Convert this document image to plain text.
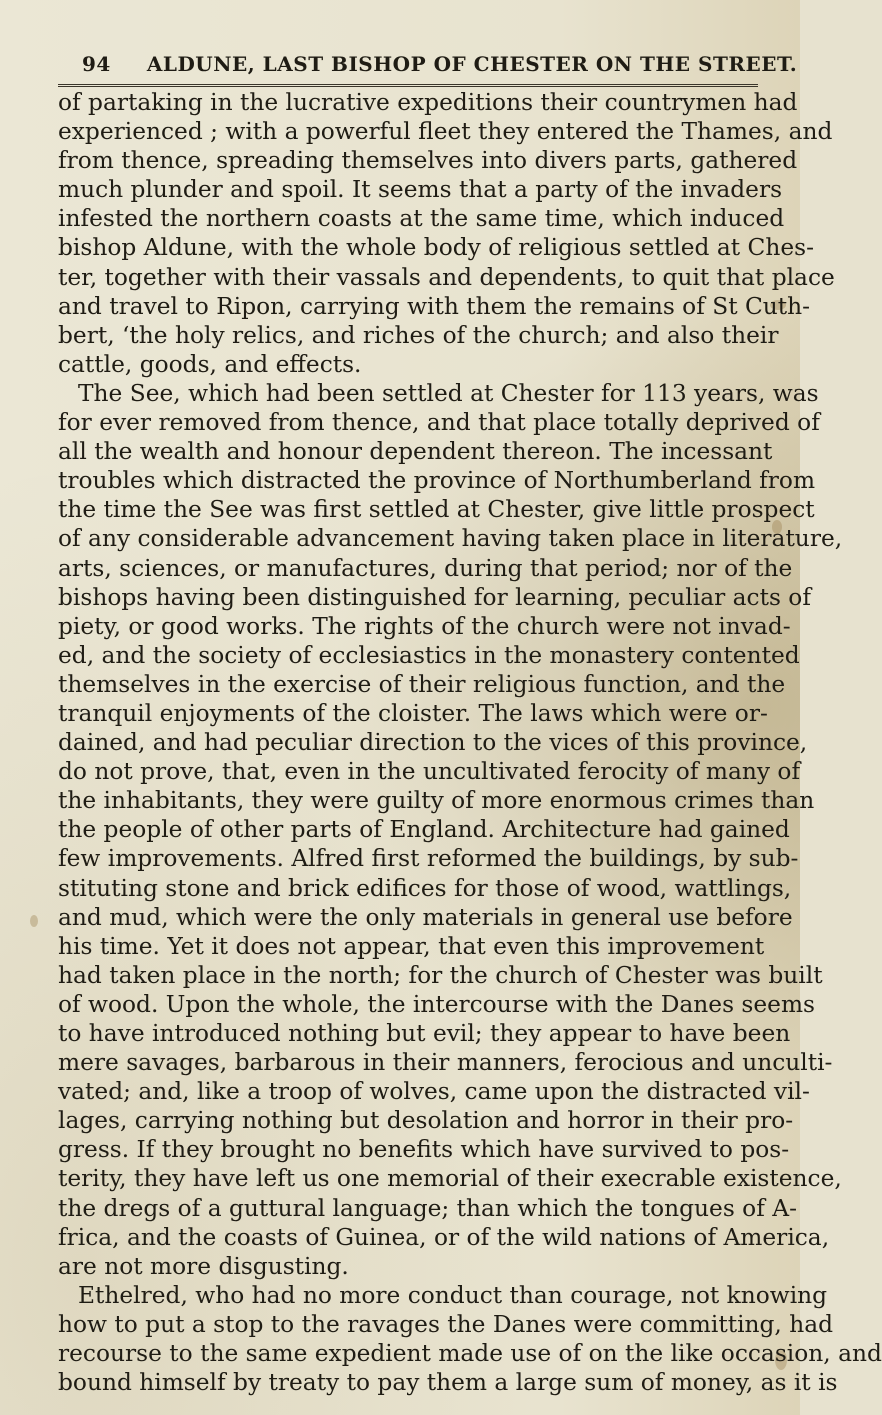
94 ALDUNE, LAST BISHOP OF CHESTER ON THE STREET.
of partaking in the lucrative expeditions their countrymen had
experienced ; with a powerful fleet they entered the Thames, and
from thence, spreading themselves into divers parts, gathered
much plunder and spoil. It seems that a party of the invaders
infested the northern coasts at the same time, which induced
bishop Aldune, with the whole body of religious settled at Ches-
ter, together with their vassals and dependents, to quit that place
and travel to Ripon, carrying with them the remains of St Cuth-
bert, ‘the holy relics, and riches of the church; and also their
cattle, goods, and effects.
The See, which had been settled at Chester for 113 years, was
for ever removed from thence, and that place totally deprived of
all the wealth and honour dependent thereon. The incessant
troubles which distracted the province of Northumberland from
the time the See was first settled at Chester, give little prospect
of any considerable advancement having taken place in literature,
arts, sciences, or manufactures, during that period; nor of the
bishops having been distinguished for learning, peculiar acts of
piety, or good works. The rights of the church were not invad-
ed, and the society of ecclesiastics in the monastery contented
themselves in the exercise of their religious function, and the
tranquil enjoyments of the cloister. The laws which were or-
dained, and had peculiar direction to the vices of this province,
do not prove, that, even in the uncultivated ferocity of many of
the inhabitants, they were guilty of more enormous crimes than
the people of other parts of England. Architecture had gained
few improvements. Alfred first reformed the buildings, by sub-
stituting stone and brick edifices for those of wood, wattlings,
and mud, which were the only materials in general use before
his time. Yet it does not appear, that even this improvement
had taken place in the north; for the church of Chester was built
of wood. Upon the whole, the intercourse with the Danes seems
to have introduced nothing but evil; they appear to have been
mere savages, barbarous in their manners, ferocious and unculti-
vated; and, like a troop of wolves, came upon the distracted vil-
lages, carrying nothing but desolation and horror in their pro-
gress. If they brought no benefits which have survived to pos-
terity, they have left us one memorial of their execrable existence,
the dregs of a guttural language; than which the tongues of A-
frica, and the coasts of Guinea, or of the wild nations of America,
are not more disgusting.
Ethelred, who had no more conduct than courage, not knowing
how to put a stop to the ravages the Danes were committing, had
recourse to the same expedient made use of on the like occasion, and
bound himself by treaty to pay them a large sum of money, as it is
